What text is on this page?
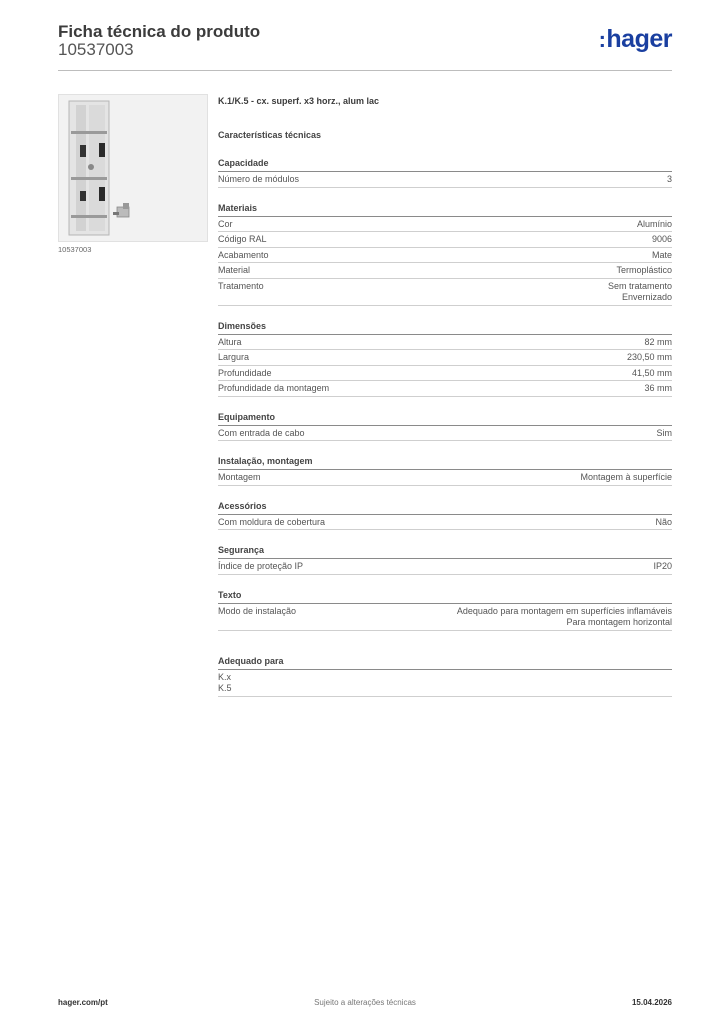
Ficha técnica do produto
10537003	:hager
10537003
K.1/K.5 - cx. superf. x3 horz., alum lac
Características técnicas
Capacidade
Número de módulos	3
Materiais
Cor	Alumínio
Código RAL	9006
Acabamento	Mate
Material	Termoplástico
Tratamento	Sem tratamento
Envernizado
Dimensões
Altura	82 mm
Largura	230,50 mm
Profundidade	41,50 mm
Profundidade da montagem	36 mm
Equipamento
Com entrada de cabo	Sim
Instalação, montagem
Montagem	Montagem à superfície
Acessórios
Com moldura de cobertura	Não
Segurança
Índice de proteção IP	IP20
Texto
Modo de instalação	Adequado para montagem em superfícies inflamáveis
Para montagem horizontal
Adequado para
K.x
K.5
hager.com/pt	Sujeito a alterações técnicas	15.04.2026
